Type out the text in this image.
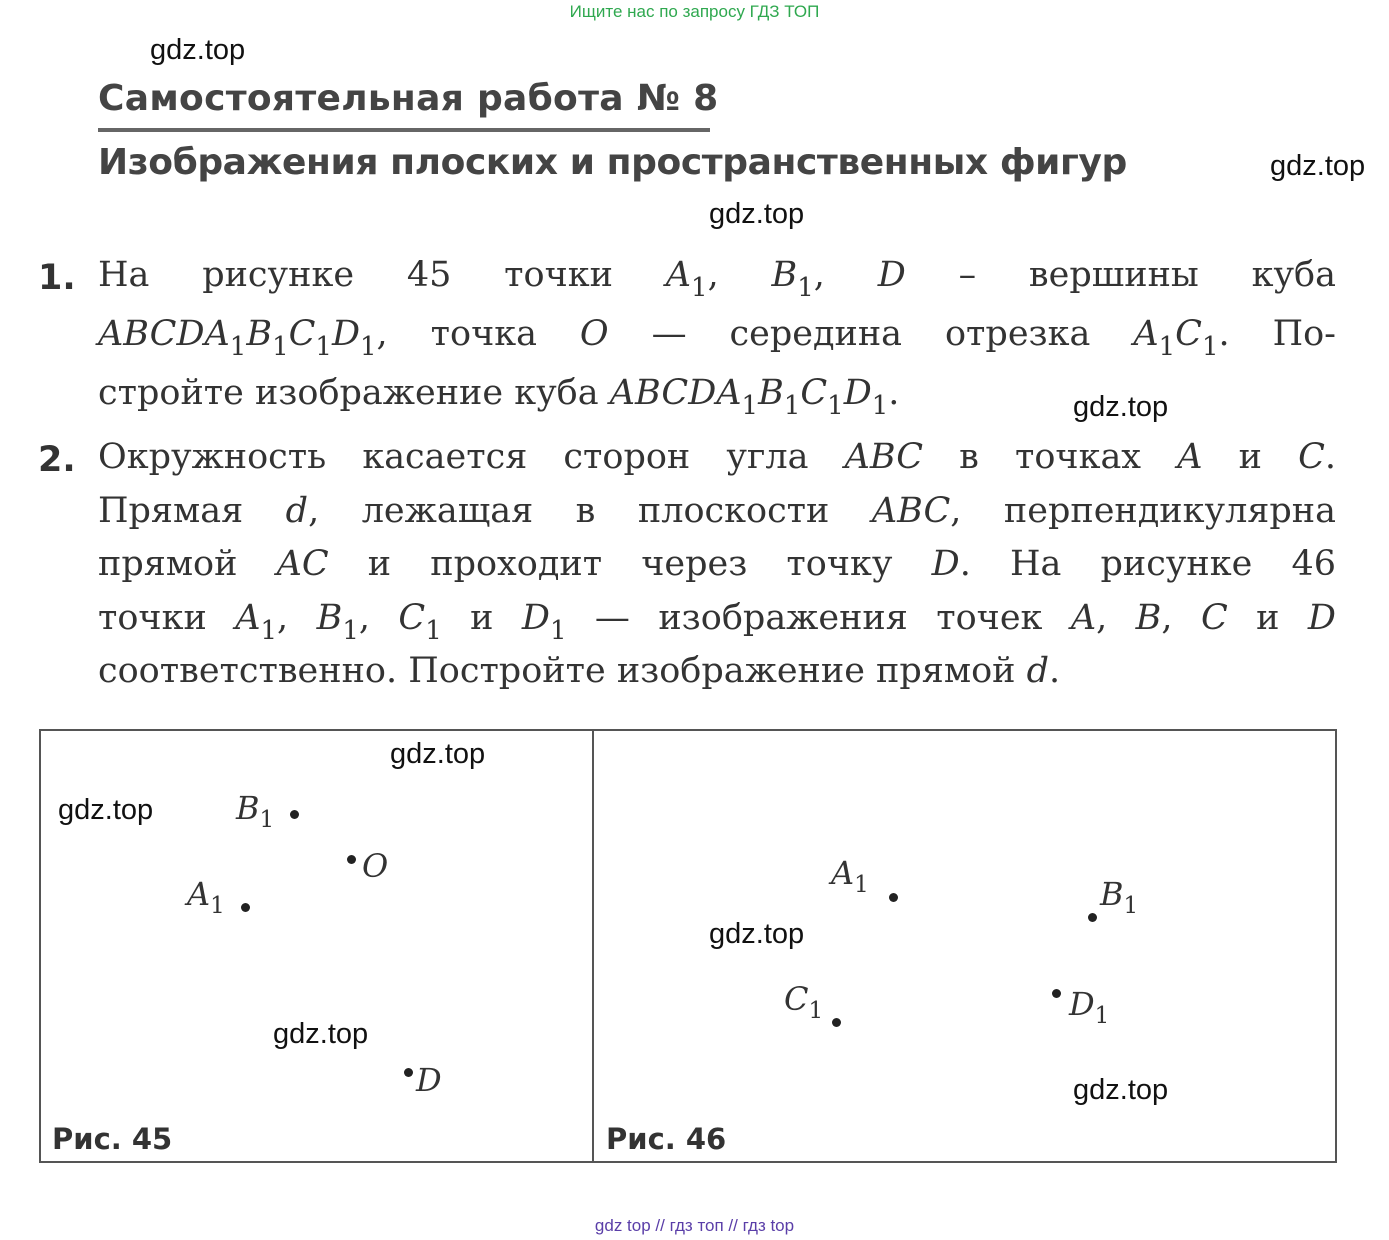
Ищите нас по запросу ГДЗ ТОП
gdz.top
gdz.top
gdz.top
gdz.top
gdz.top
gdz.top
gdz.top
gdz.top
gdz.top
Самостоятельная работа № 8
Изображения плоских и пространственных фигур
1. На рисунке 45 точки $A_1$, $B_1$, D – вершины куба
$ABCDA_1B_1C_1D_1$, точка O — середина отрезка $A_1C_1$. По-
стройте изображение куба $ABCDA_1B_1C_1D_1$.
2. Окружность касается сторон угла ABC в точках A и C.
Прямая d, лежащая в плоскости ABC, перпендикулярна
прямой AC и проходит через точку D. На рисунке 46
точки $A_1$, $B_1$, $C_1$ и $D_1$ — изображения точек A, B, C и D
соответственно. Постройте изображение прямой d.
$B_1$
O
$A_1$
D
Рис. 45
$A_1$	$B_1$
$C_1$	$D_1$
Рис. 46
gdz top // гдз топ // гдз top
